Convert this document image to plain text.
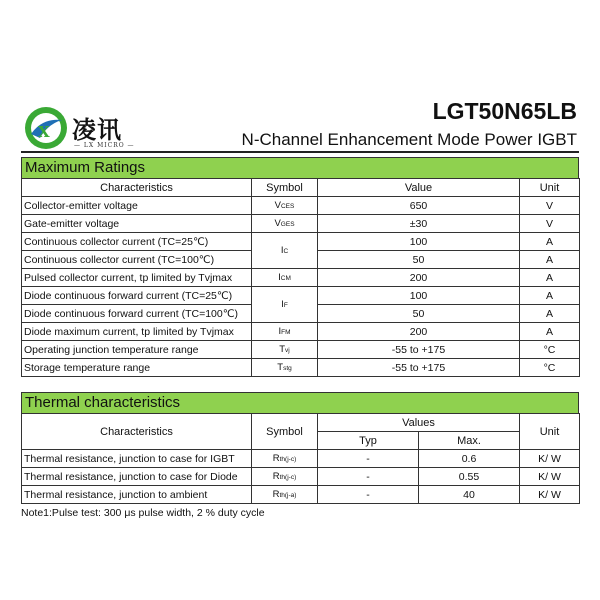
X 凌讯
— LX MICRO —
LGT50N65LB
N-Channel Enhancement Mode Power IGBT
Maximum Ratings
Characteristics	Symbol	Value	Unit
Collector-emitter voltage	VCES	650	V
Gate-emitter voltage	VGES	±30	V
Continuous collector current (TC=25℃)	IC	100	A
Continuous collector current (TC=100℃)		50	A
Pulsed collector current, tp limited by Tvjmax	ICM	200	A
Diode continuous forward current (TC=25℃)	IF	100	A
Diode continuous forward current (TC=100℃)		50	A
Diode maximum current, tp limited by Tvjmax	IFM	200	A
Operating junction temperature range	Tvj	-55 to +175	°C
Storage temperature range	Tstg	-55 to +175	°C
Thermal characteristics
Characteristics	Symbol	Values		Unit
		Typ	Max.	
Thermal resistance, junction to case for IGBT	Rth(j-c)	-	0.6	K/ W
Thermal resistance, junction to case for Diode	Rth(j-c)	-	0.55	K/ W
Thermal resistance, junction to ambient	Rth(j-a)	-	40	K/ W
Note1:Pulse test: 300 μs pulse width, 2 % duty cycle
